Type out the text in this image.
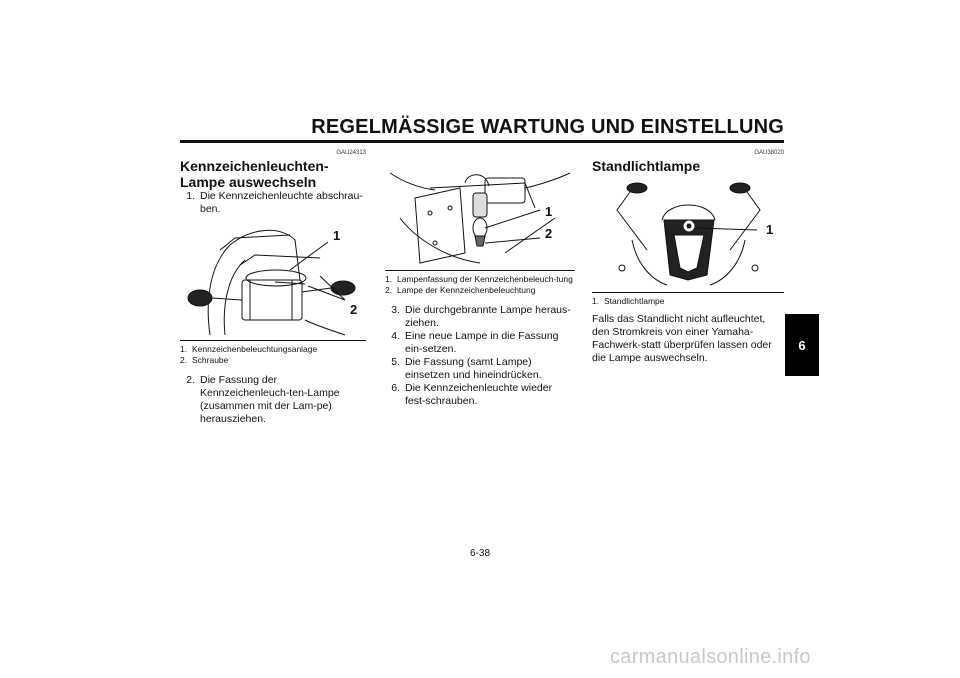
REGELMÄSSIGE WARTUNG UND EINSTELLUNG
GAU24313
Kennzeichenleuchten-Lampe auswechseln
1. Die Kennzeichenleuchte abschrau-ben.
1
2
1. Kennzeichenbeleuchtungsanlage
2. Schraube
2. Die Fassung der Kennzeichenleuch-ten-Lampe (zusammen mit der Lam-pe) herausziehen.
1
2
1. Lampenfassung der Kennzeichenbeleuch-tung
2. Lampe der Kennzeichenbeleuchtung
3. Die durchgebrannte Lampe heraus-ziehen.
4. Eine neue Lampe in die Fassung ein-setzen.
5. Die Fassung (samt Lampe) einsetzen und hineindrücken.
6. Die Kennzeichenleuchte wieder fest-schrauben.
GAU38020
Standlichtlampe
1
1. Standlichtlampe
Falls das Standlicht nicht aufleuchtet, den Stromkreis von einer Yamaha-Fachwerk-statt überprüfen lassen oder die Lampe auswechseln.
6
6-38
carmanualsonline.info
